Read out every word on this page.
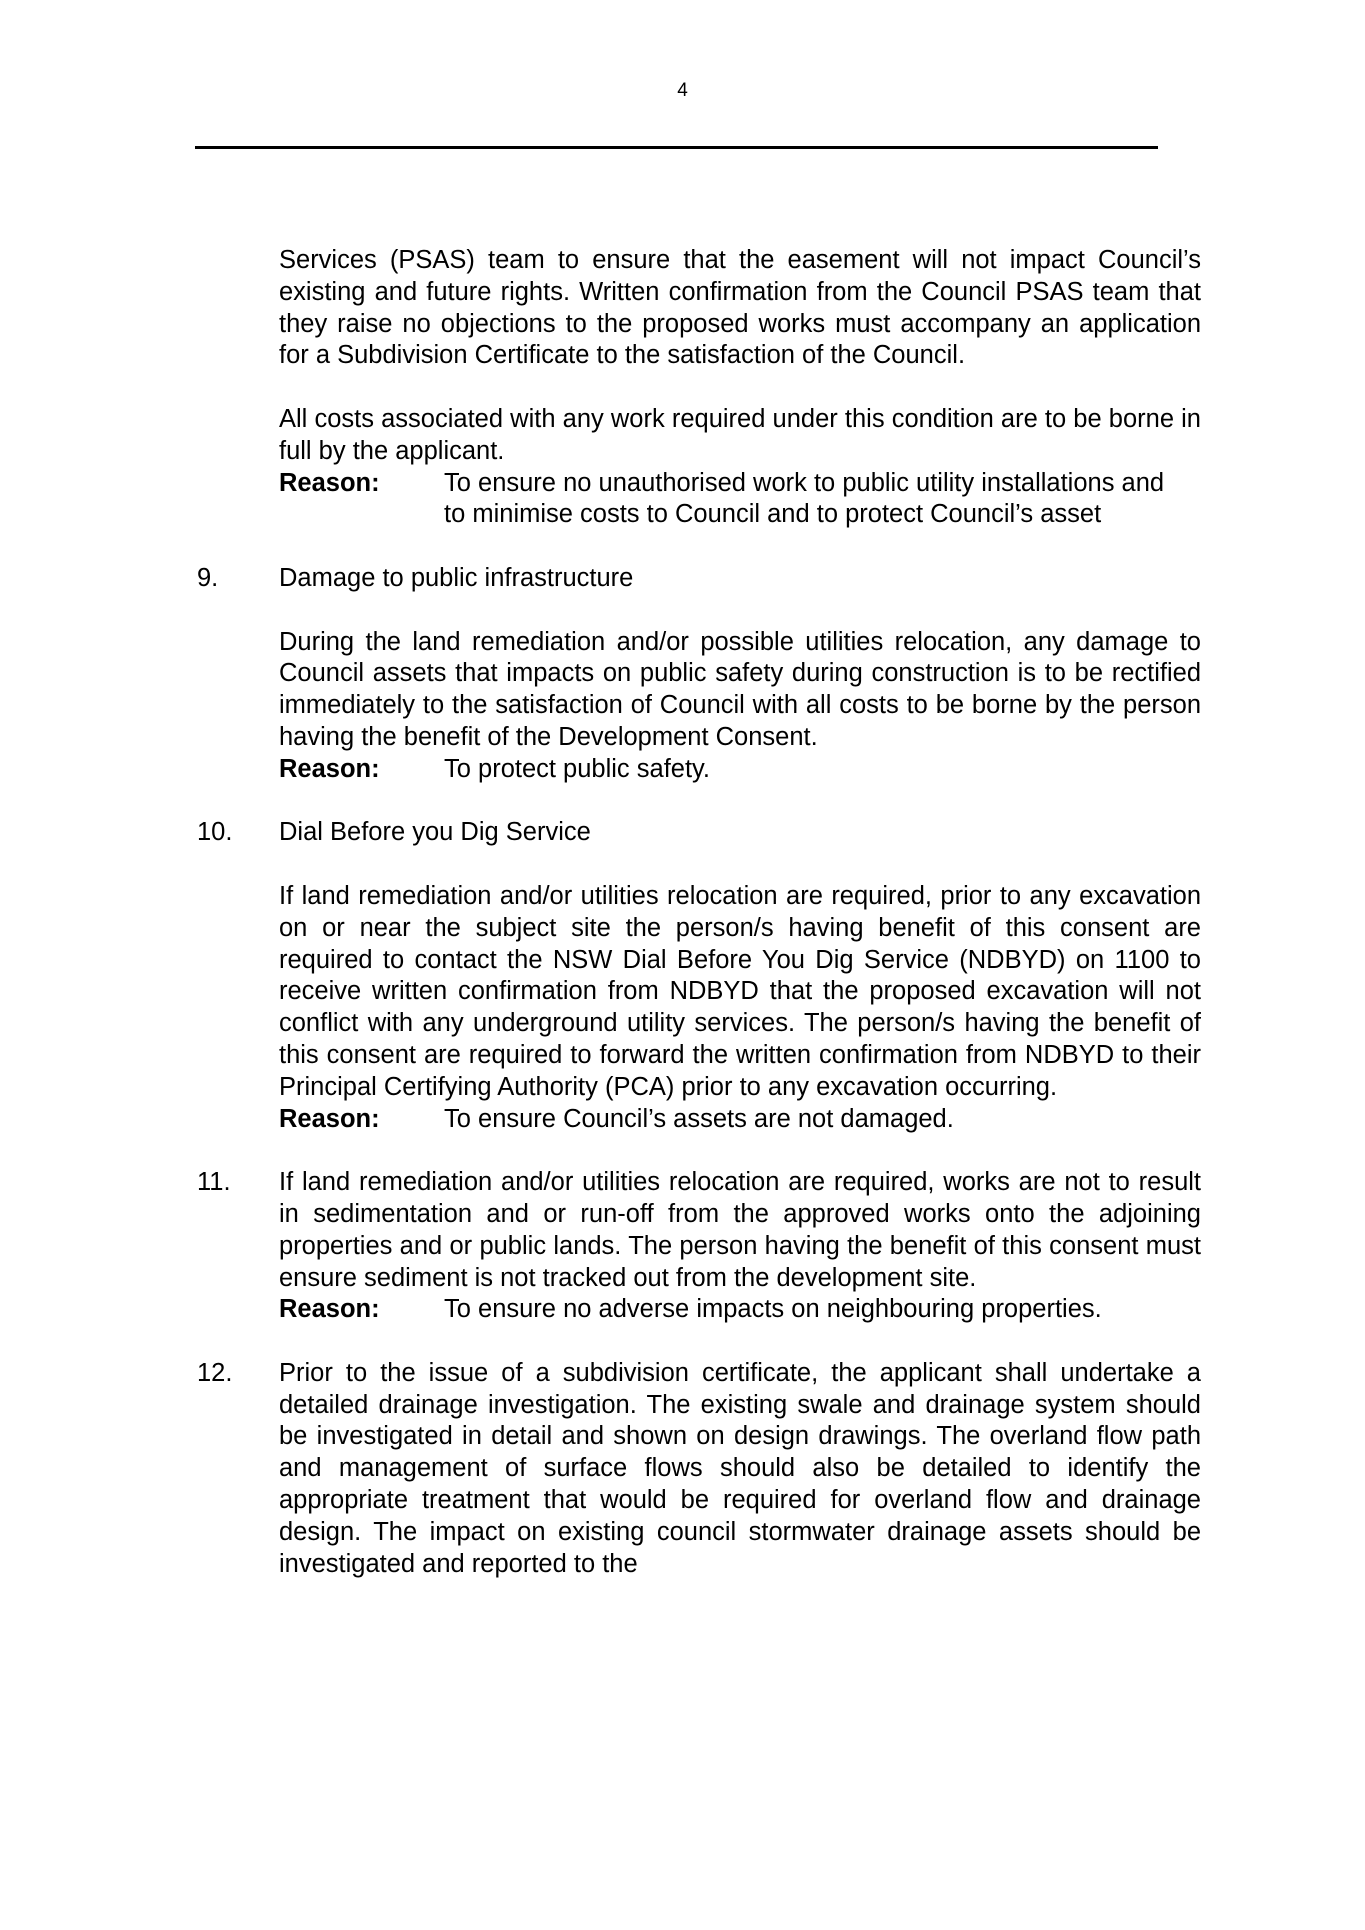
4

Services (PSAS) team to ensure that the easement will not impact Council’s existing and future rights. Written confirmation from the Council PSAS team that they raise no objections to the proposed works must accompany an application for a Subdivision Certificate to the satisfaction of the Council.

All costs associated with any work required under this condition are to be borne in full by the applicant.

Reason:	To ensure no unauthorised work to public utility installations and to minimise costs to Council and to protect Council’s asset
9. Damage to public infrastructure

During the land remediation and/or possible utilities relocation, any damage to Council assets that impacts on public safety during construction is to be rectified immediately to the satisfaction of Council with all costs to be borne by the person having the benefit of the Development Consent.

Reason:	To protect public safety.
10. Dial Before you Dig Service

If land remediation and/or utilities relocation are required, prior to any excavation on or near the subject site the person/s having benefit of this consent are required to contact the NSW Dial Before You Dig Service (NDBYD) on 1100 to receive written confirmation from NDBYD that the proposed excavation will not conflict with any underground utility services. The person/s having the benefit of this consent are required to forward the written confirmation from NDBYD to their Principal Certifying Authority (PCA) prior to any excavation occurring.

Reason:	To ensure Council’s assets are not damaged.
11. If land remediation and/or utilities relocation are required, works are not to result in sedimentation and or run-off from the approved works onto the adjoining properties and or public lands. The person having the benefit of this consent must ensure sediment is not tracked out from the development site.

Reason:	To ensure no adverse impacts on neighbouring properties.
12. Prior to the issue of a subdivision certificate, the applicant shall undertake a detailed drainage investigation. The existing swale and drainage system should be investigated in detail and shown on design drawings. The overland flow path and management of surface flows should also be detailed to identify the appropriate treatment that would be required for overland flow and drainage design. The impact on existing council stormwater drainage assets should be investigated and reported to the
